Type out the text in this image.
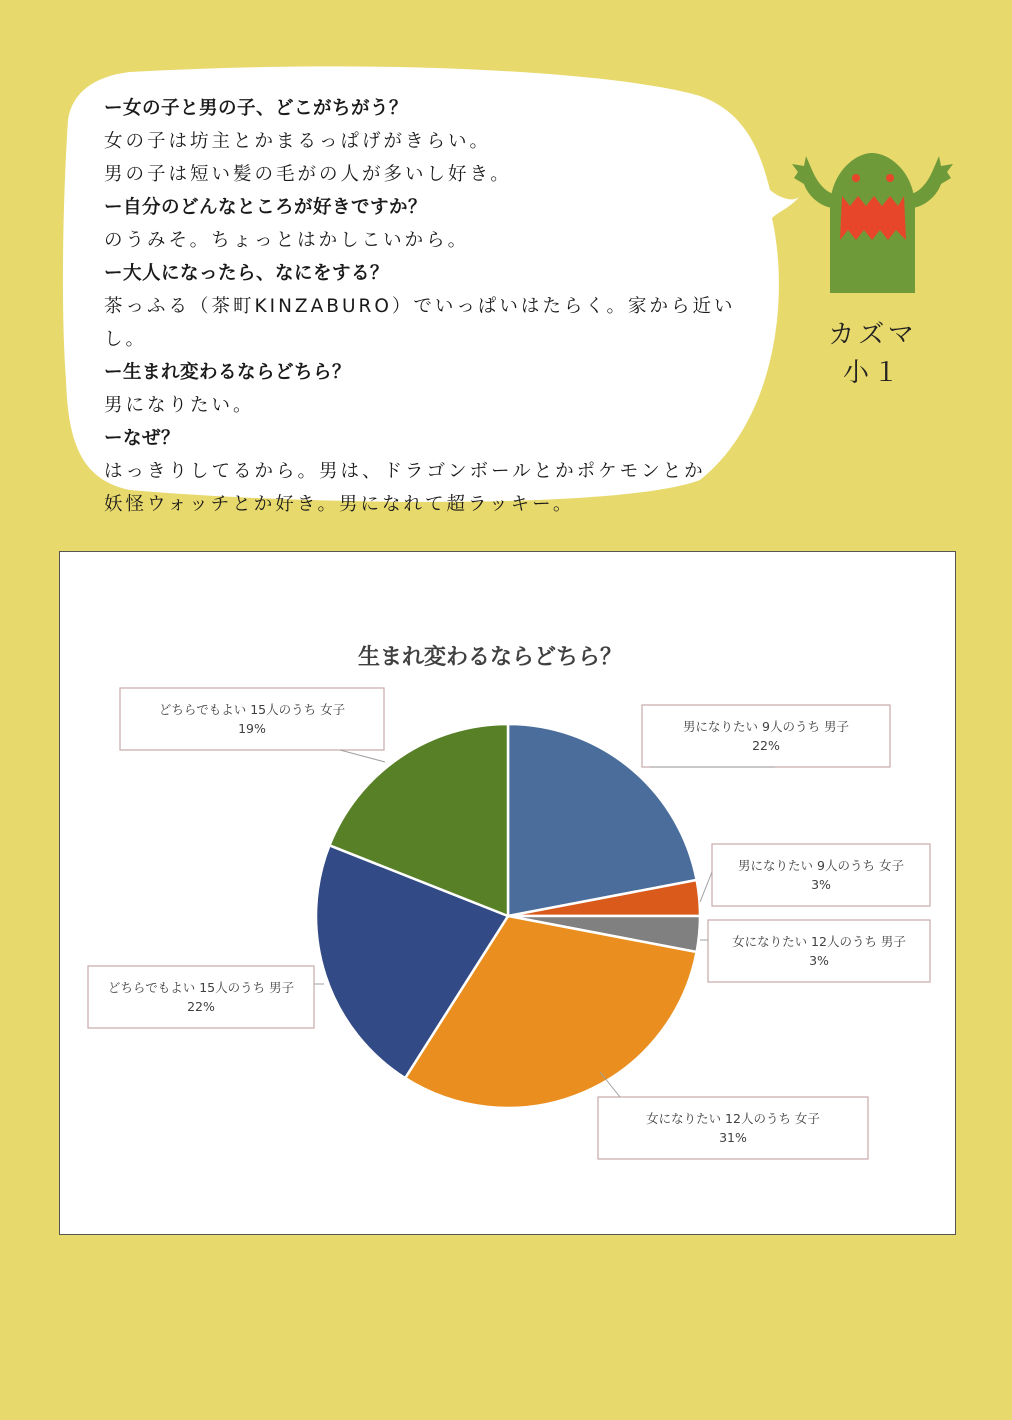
ー女の子と男の子、どこがちがう？
女の子は坊主とかまるっぱげがきらい。
男の子は短い髪の毛がの人が多いし好き。
ー自分のどんなところが好きですか？
のうみそ。ちょっとはかしこいから。
ー大人になったら、なにをする？
茶っふる（茶町KINZABURO）でいっぱいはたらく。家から近いし。
ー生まれ変わるならどちら？
男になりたい。
ーなぜ？
はっきりしてるから。男は、ドラゴンボールとかポケモンとか
妖怪ウォッチとか好き。男になれて超ラッキー。
カズマ
小１
生まれ変わるならどちら？
男になりたい 9人のうち 男子
22%
男になりたい 9人のうち 女子
3%
女になりたい 12人のうち 男子
3%
女になりたい 12人のうち 女子
31%
どちらでもよい 15人のうち 男子
22%
どちらでもよい 15人のうち 女子
19%
